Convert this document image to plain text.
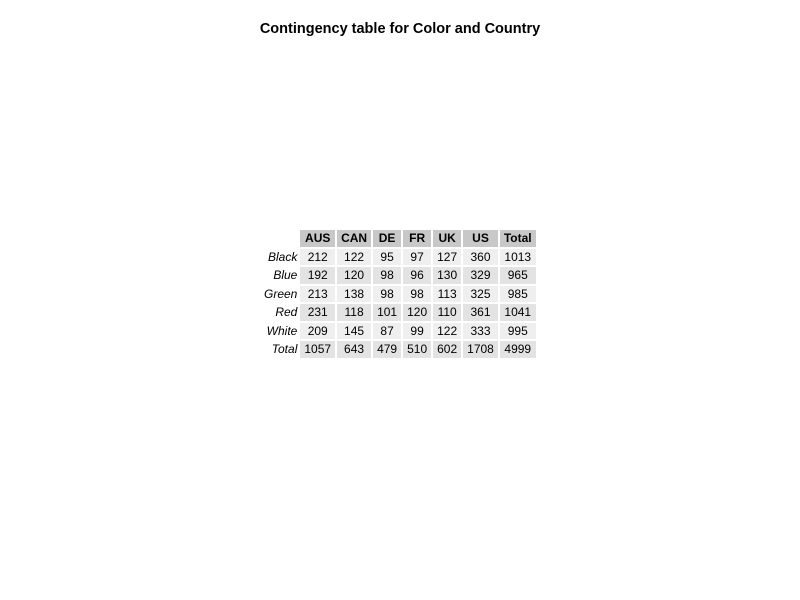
Contingency table for Color and Country
	AUS	CAN	DE	FR	UK	US	Total
Black	212	122	95	97	127	360	1013
Blue	192	120	98	96	130	329	965
Green	213	138	98	98	113	325	985
Red	231	118	101	120	110	361	1041
White	209	145	87	99	122	333	995
Total	1057	643	479	510	602	1708	4999
